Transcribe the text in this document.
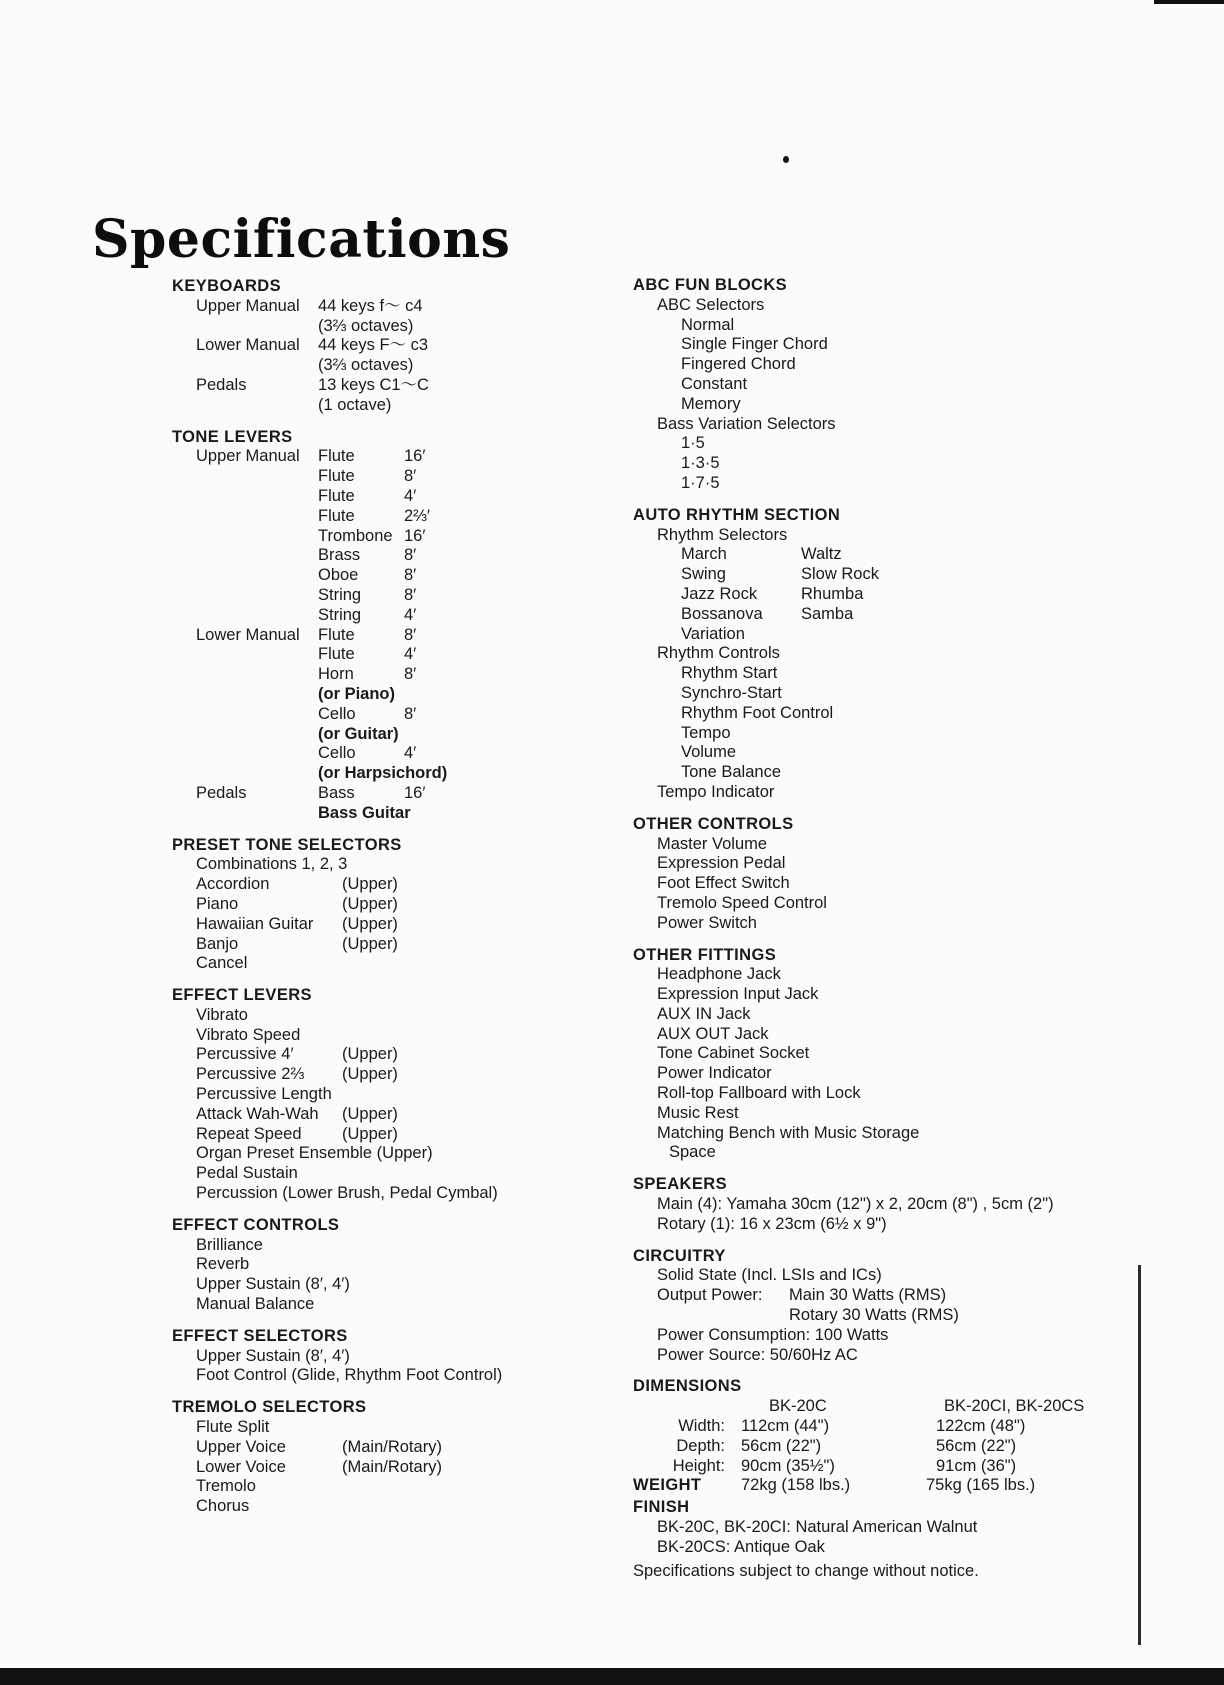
Specifications
KEYBOARDS
Upper Manual	44 keys f～ c4
(3⅔ octaves)
Lower Manual	44 keys F～ c3
(3⅔ octaves)
Pedals	13 keys C1～C
(1 octave)
TONE LEVERS
Upper Manual	Flute	16′
Flute	8′
Flute	4′
Flute	2⅔′
Trombone 16′
Brass	8′
Oboe	8′
String	8′
String	4′
Lower Manual	Flute	8′
Flute	4′
Horn	8′
(or Piano)
Cello	8′
(or Guitar)
Cello	4′
(or Harpsichord)
Pedals	Bass	16′
Bass Guitar
PRESET TONE SELECTORS
Combinations 1, 2, 3
Accordion	(Upper)
Piano	(Upper)
Hawaiian Guitar	(Upper)
Banjo	(Upper)
Cancel
EFFECT LEVERS
Vibrato
Vibrato Speed
Percussive 4′	(Upper)
Percussive 2⅔	(Upper)
Percussive Length
Attack Wah-Wah	(Upper)
Repeat Speed	(Upper)
Organ Preset Ensemble (Upper)
Pedal Sustain
Percussion (Lower Brush, Pedal Cymbal)
EFFECT CONTROLS
Brilliance
Reverb
Upper Sustain (8′, 4′)
Manual Balance
EFFECT SELECTORS
Upper Sustain (8′, 4′)
Foot Control (Glide, Rhythm Foot Control)
TREMOLO SELECTORS
Flute Split
Upper Voice	(Main/Rotary)
Lower Voice	(Main/Rotary)
Tremolo
Chorus
ABC FUN BLOCKS
ABC Selectors
Normal
Single Finger Chord
Fingered Chord
Constant
Memory
Bass Variation Selectors
1·5
1·3·5
1·7·5
AUTO RHYTHM SECTION
Rhythm Selectors
March	Waltz
Swing	Slow Rock
Jazz Rock	Rhumba
Bossanova	Samba
Variation
Rhythm Controls
Rhythm Start
Synchro-Start
Rhythm Foot Control
Tempo
Volume
Tone Balance
Tempo Indicator
OTHER CONTROLS
Master Volume
Expression Pedal
Foot Effect Switch
Tremolo Speed Control
Power Switch
OTHER FITTINGS
Headphone Jack
Expression Input Jack
AUX IN Jack
AUX OUT Jack
Tone Cabinet Socket
Power Indicator
Roll-top Fallboard with Lock
Music Rest
Matching Bench with Music Storage
Space
SPEAKERS
Main (4): Yamaha 30cm (12") x 2, 20cm (8") , 5cm (2")
Rotary (1): 16 x 23cm (6½ x 9")
CIRCUITRY
Solid State (Incl. LSIs and ICs)
Output Power:	Main 30 Watts (RMS)
Rotary 30 Watts (RMS)
Power Consumption: 100 Watts
Power Source: 50/60Hz AC
DIMENSIONS
BK-20C	BK-20CI, BK-20CS
Width: 112cm (44")	122cm (48")
Depth: 56cm (22")	56cm (22")
Height: 90cm (35½")	91cm (36")
WEIGHT	72kg (158 lbs.)	75kg (165 lbs.)
FINISH
BK-20C, BK-20CI: Natural American Walnut
BK-20CS: Antique Oak
Specifications subject to change without notice.
